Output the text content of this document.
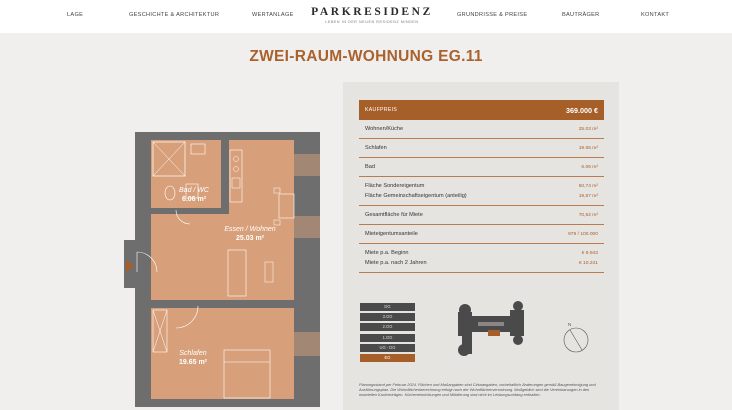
LAGE	GESCHICHTE & ARCHITEKTUR	WERTANLAGE PARKRESIDENZ
LEBEN IN DER NEUEN RESIDENZ MINDEN
GRUNDRISSE & PREISE	BAUTRÄGER	KONTAKT
ZWEI-RAUM-WOHNUNG EG.11
Bad / WC
6.06 m²
Essen / Wohnen
25.03 m²
Schlafen
19.65 m²
KAUFPREIS	369.000 €
Wohnen/Küche	25.03 m²
Schlafen	19.65 m²
Bad	6.06 m²
Fläche Sondereigentum	50,74 m²
Fläche Gemeinschaftseigentum (anteilig)	19,87 m²
Gesamtfläche für Miete	70,62 m²
Mieteigentumsanteile	979 / 100.000
Miete p.a. Beginn	€ 9.943
Miete p.a. nach 2 Jahren	€ 10.241
DG
3.OG
2.OG
1.OG
UG - DG
EG
N

Planungsstand per Februar 2024. Flächen und Maßangaben sind Cirkaangaben, vorbehaltlich Änderungen gemäß Baugenehmigung und Ausführungsplan. Die Wohnflächenberechnung erfolgt nach der Wohnflächenverordnung. Maßgeblich sind die Vereinbarungen in den notariellen Kaufverträgen. Kücheneinrichtungen und Möblierung sind nicht im Leistungsumfang enthalten.
